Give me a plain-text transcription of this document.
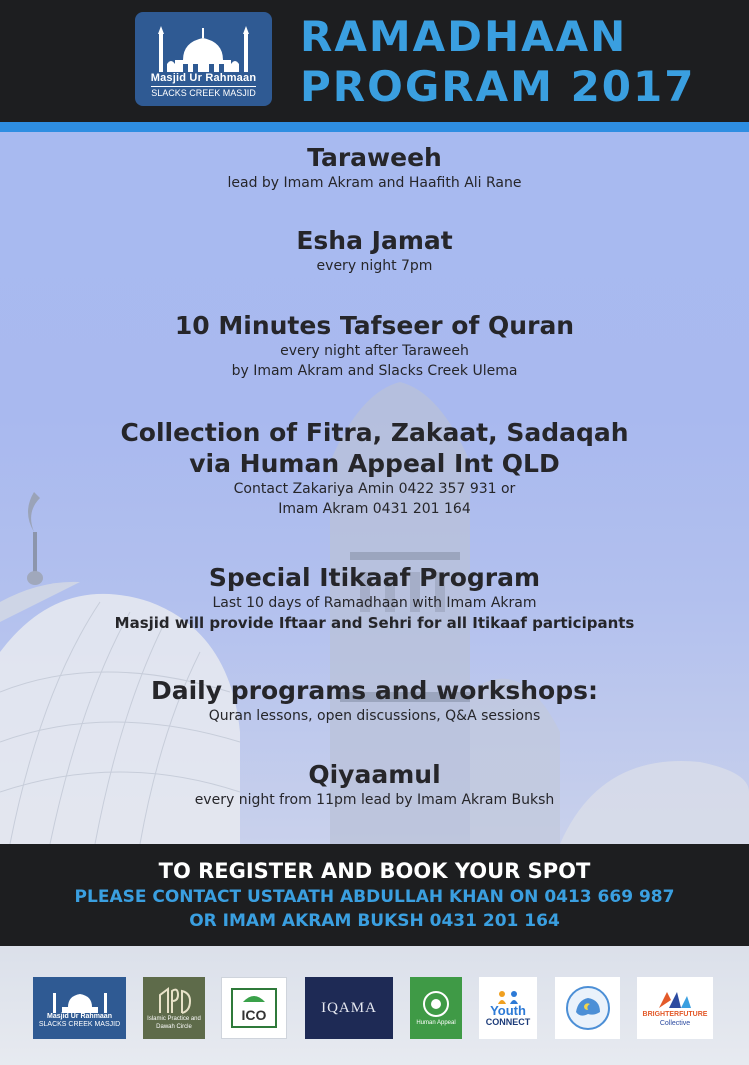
Masjid Ur Rahmaan
SLACKS CREEK MASJID
RAMADHAAN
PROGRAM 2017
Taraweeh
lead by Imam Akram and Haafith Ali Rane
Esha Jamat
every night 7pm
10 Minutes Tafseer of Quran
every night after Taraweeh
by Imam Akram and Slacks Creek Ulema
Collection of Fitra, Zakaat, Sadaqah
via Human Appeal Int QLD
Contact Zakariya Amin 0422 357 931 or
Imam Akram 0431 201 164
Special Itikaaf Program
Last 10 days of Ramadhaan with Imam Akram
Masjid will provide Iftaar and Sehri for all Itikaaf participants
Daily programs and workshops:
Quran lessons, open discussions, Q&A sessions
Qiyaamul
every night from 11pm lead by Imam Akram Buksh
TO REGISTER AND BOOK YOUR SPOT
PLEASE CONTACT USTAATH ABDULLAH KHAN ON 0413 669 987
OR IMAM AKRAM BUKSH 0431 201 164
Masjid Ur Rahmaan
SLACKS CREEK MASJID
Islamic Practice and Dawah Circle
ICO	IQAMA
Human Appeal
Youth
CONNECT
BRIGHTERFUTURE
Collective
